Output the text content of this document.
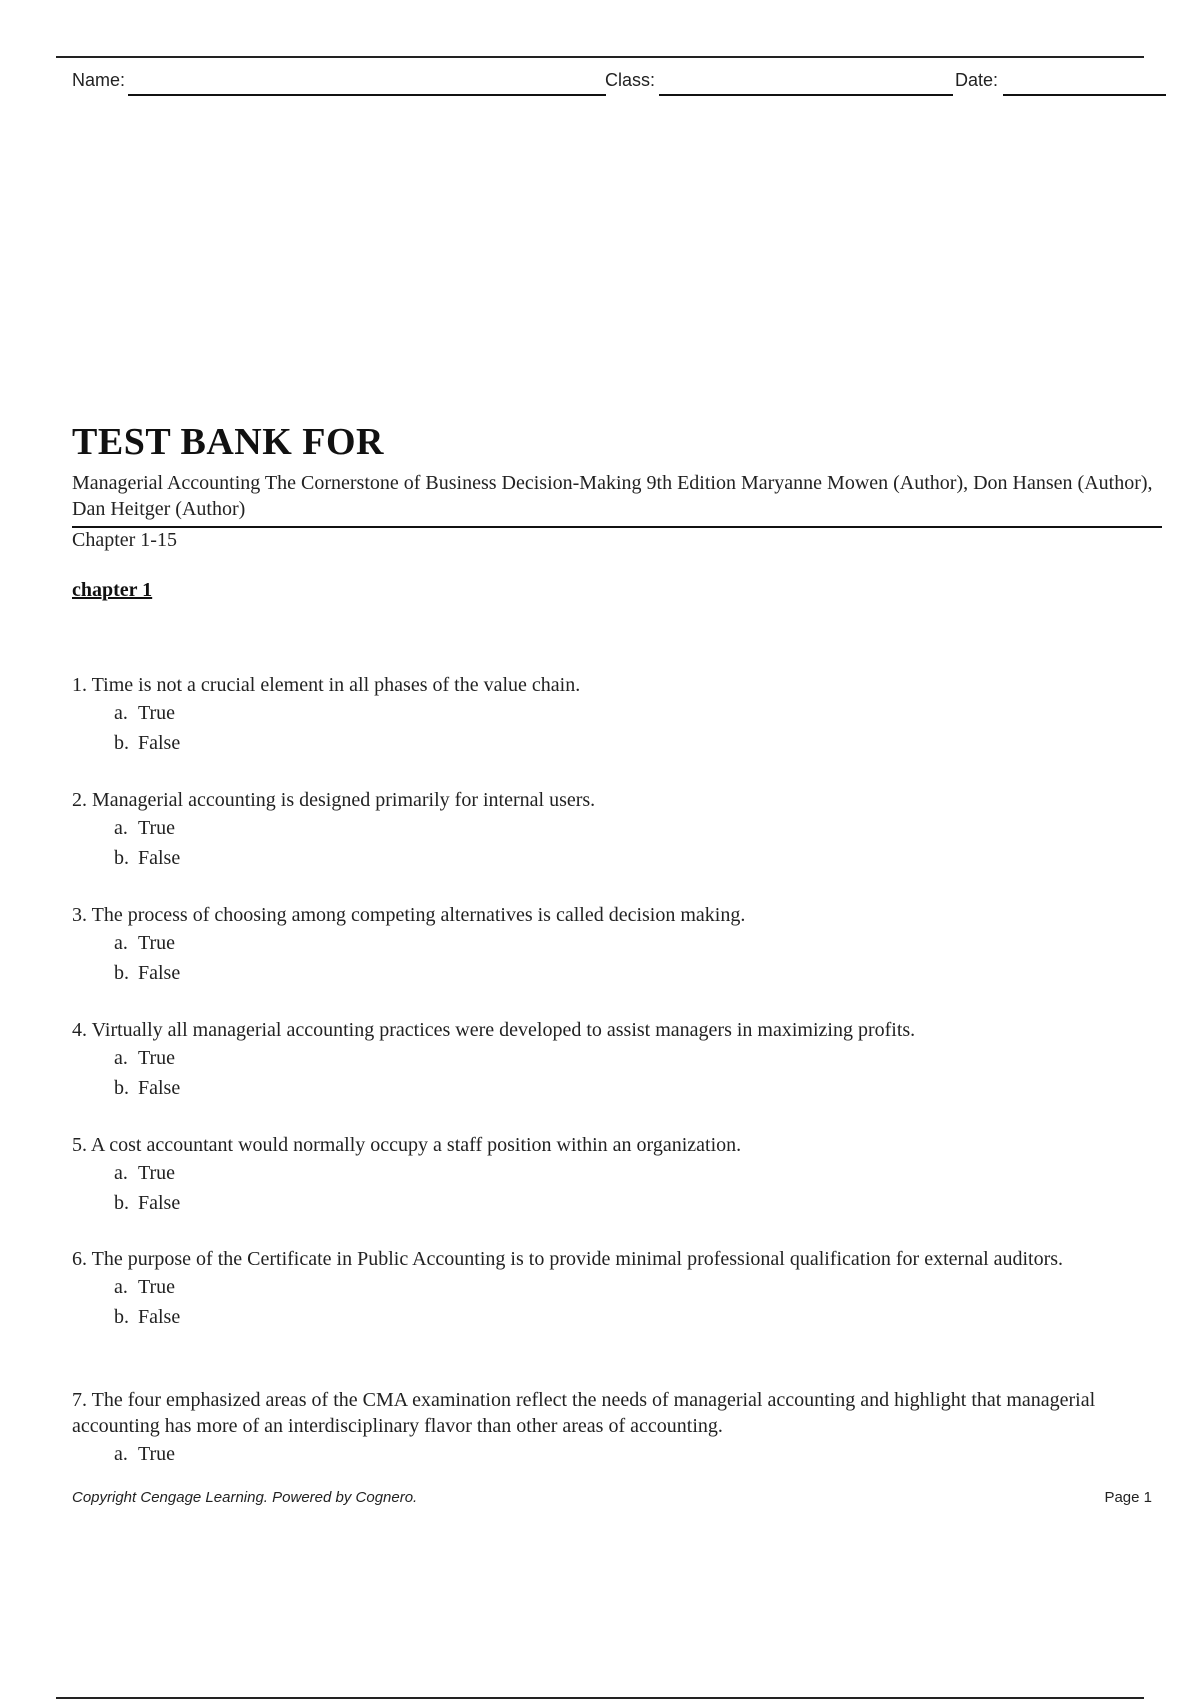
Name:	Class:	Date:
TEST BANK FOR
Managerial Accounting The Cornerstone of Business Decision-Making 9th Edition Maryanne Mowen (Author), Don Hansen (Author), Dan Heitger (Author)
Chapter 1-15
chapter 1
1. Time is not a crucial element in all phases of the value chain.
a. True
b. False
2. Managerial accounting is designed primarily for internal users.
a. True
b. False
3. The process of choosing among competing alternatives is called decision making.
a. True
b. False
4. Virtually all managerial accounting practices were developed to assist managers in maximizing profits.
a. True
b. False
5. A cost accountant would normally occupy a staff position within an organization.
a. True
b. False
6. The purpose of the Certificate in Public Accounting is to provide minimal professional qualification for external auditors.
a. True
b. False
7. The four emphasized areas of the CMA examination reflect the needs of managerial accounting and highlight that managerial accounting has more of an interdisciplinary flavor than other areas of accounting.
a. True
Copyright Cengage Learning. Powered by Cognero.	Page 1
